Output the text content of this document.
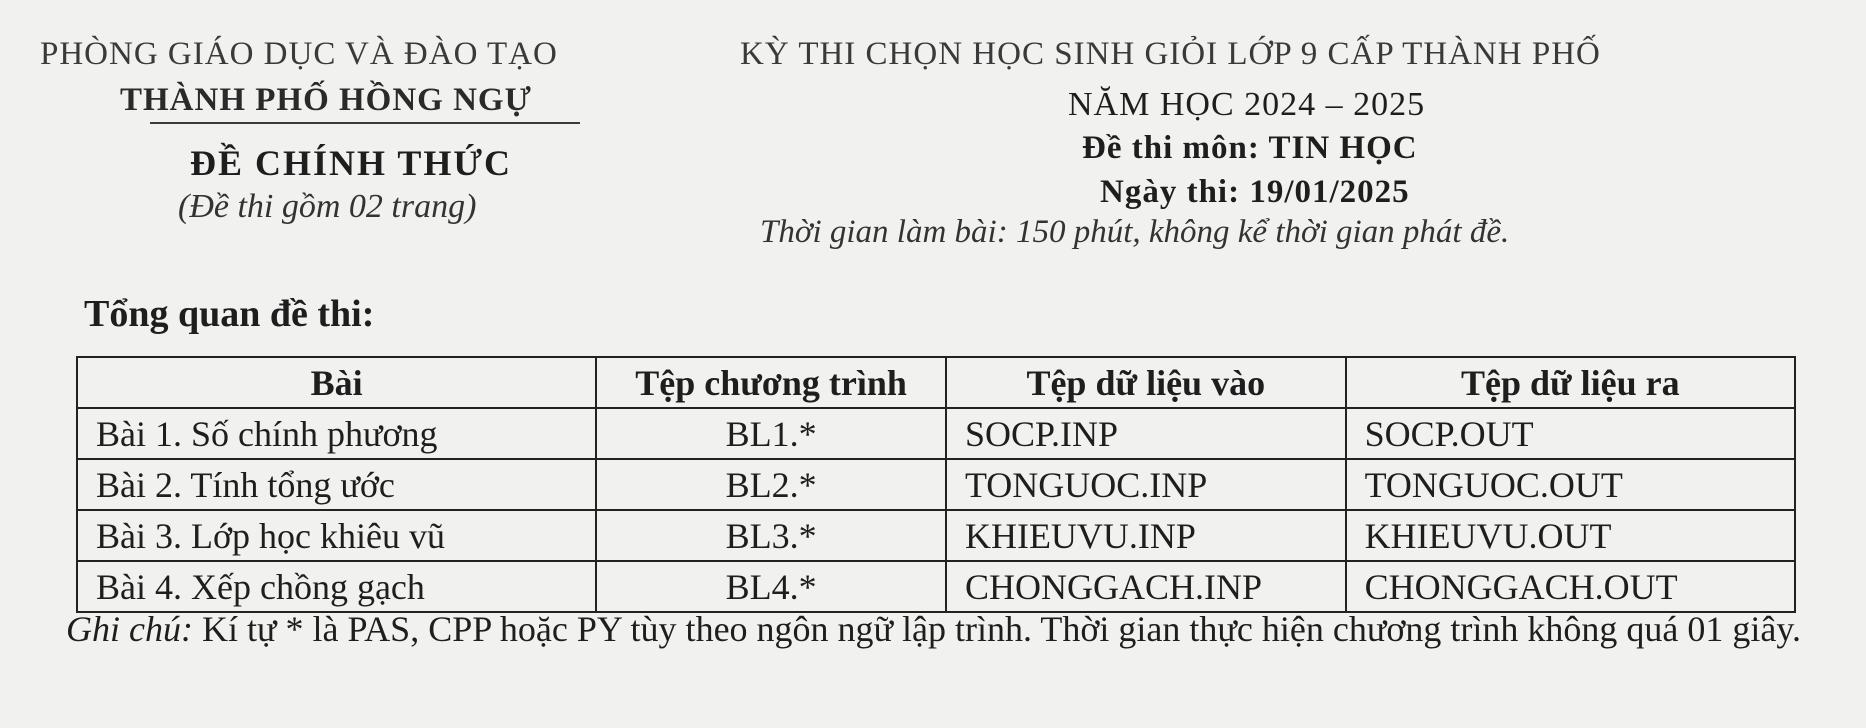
PHÒNG GIÁO DỤC VÀ ĐÀO TẠO
THÀNH PHỐ HỒNG NGỰ
ĐỀ CHÍNH THỨC
(Đề thi gồm 02 trang)
KỲ THI CHỌN HỌC SINH GIỎI LỚP 9 CẤP THÀNH PHỐ
NĂM HỌC 2024 – 2025
Đề thi môn: TIN HỌC
Ngày thi: 19/01/2025
Thời gian làm bài: 150 phút, không kể thời gian phát đề.
Tổng quan đề thi:
Bài	Tệp chương trình	Tệp dữ liệu vào	Tệp dữ liệu ra
Bài 1. Số chính phương	BL1.*	SOCP.INP	SOCP.OUT
Bài 2. Tính tổng ước	BL2.*	TONGUOC.INP	TONGUOC.OUT
Bài 3. Lớp học khiêu vũ	BL3.*	KHIEUVU.INP	KHIEUVU.OUT
Bài 4. Xếp chồng gạch	BL4.*	CHONGGACH.INP	CHONGGACH.OUT
Ghi chú: Kí tự * là PAS, CPP hoặc PY tùy theo ngôn ngữ lập trình. Thời gian thực hiện chương trình không quá 01 giây.
